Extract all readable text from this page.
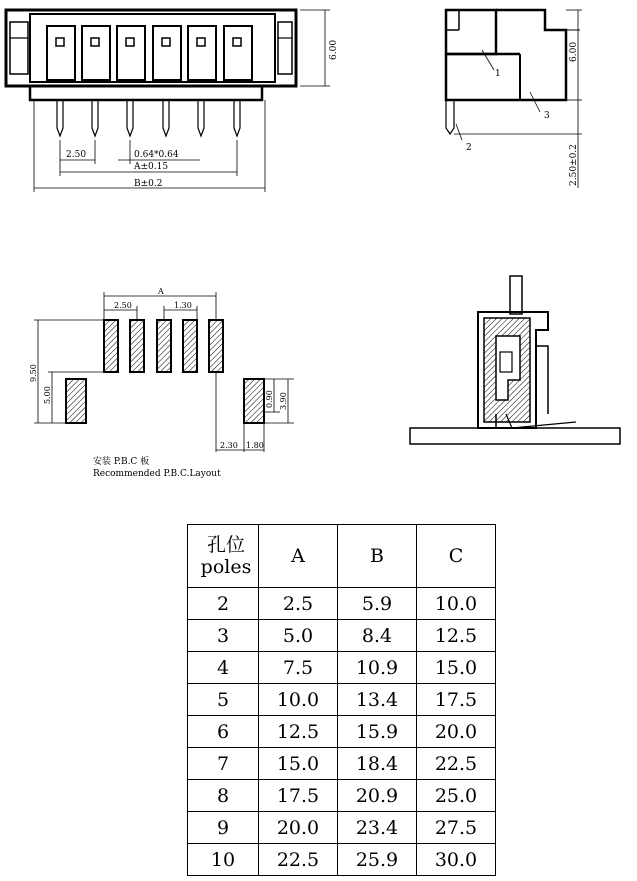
2.50	0.64*0.64
A±0.15
B±0.2
6.00
1
3
2
6.00
2.50±0.2
A
2.50	1.30
9.50
5.00	0.90 3.90
2.30 1.80
安装 P.B.C 板
Recommended P.B.C.Layout
孔位
poles	A	B	C
2	2.5	5.9	10.0
3	5.0	8.4	12.5
4	7.5	10.9	15.0
5	10.0	13.4	17.5
6	12.5	15.9	20.0
7	15.0	18.4	22.5
8	17.5	20.9	25.0
9	20.0	23.4	27.5
10	22.5	25.9	30.0
